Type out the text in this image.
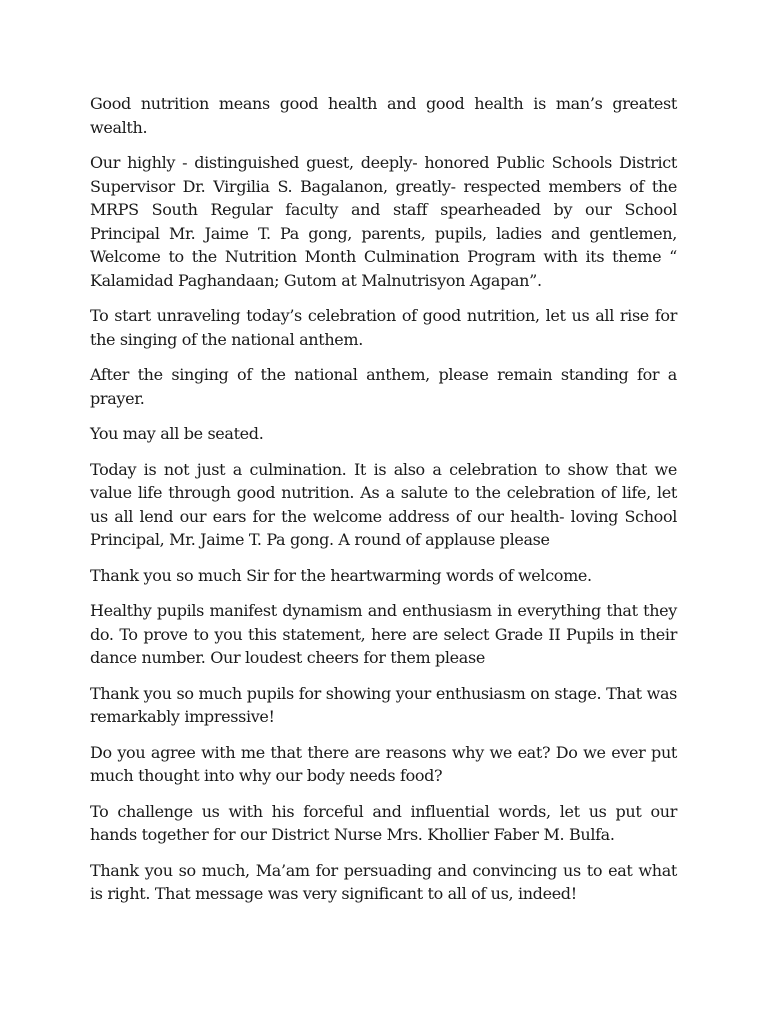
Good nutrition means good health and good health is man’s greatest wealth.

Our highly - distinguished guest, deeply- honored Public Schools District Supervisor Dr. Virgilia S. Bagalanon, greatly- respected members of the MRPS South Regular faculty and staff spearheaded by our School Principal Mr. Jaime T. Pa gong, parents, pupils, ladies and gentlemen, Welcome to the Nutrition Month Culmination Program with its theme “ Kalamidad Paghandaan; Gutom at Malnutrisyon Agapan”.

To start unraveling today’s celebration of good nutrition, let us all rise for the singing of the national anthem.

After the singing of the national anthem, please remain standing for a prayer.

You may all be seated.

Today is not just a culmination. It is also a celebration to show that we value life through good nutrition. As a salute to the celebration of life, let us all lend our ears for the welcome address of our health- loving School Principal, Mr. Jaime T. Pa gong. A round of applause please

Thank you so much Sir for the heartwarming words of welcome.

Healthy pupils manifest dynamism and enthusiasm in everything that they do. To prove to you this statement, here are select Grade II Pupils in their dance number. Our loudest cheers for them please

Thank you so much pupils for showing your enthusiasm on stage. That was remarkably impressive!

Do you agree with me that there are reasons why we eat? Do we ever put much thought into why our body needs food?

To challenge us with his forceful and influential words, let us put our hands together for our District Nurse Mrs. Khollier Faber M. Bulfa.

Thank you so much, Ma’am for persuading and convincing us to eat what is right. That message was very significant to all of us, indeed!
